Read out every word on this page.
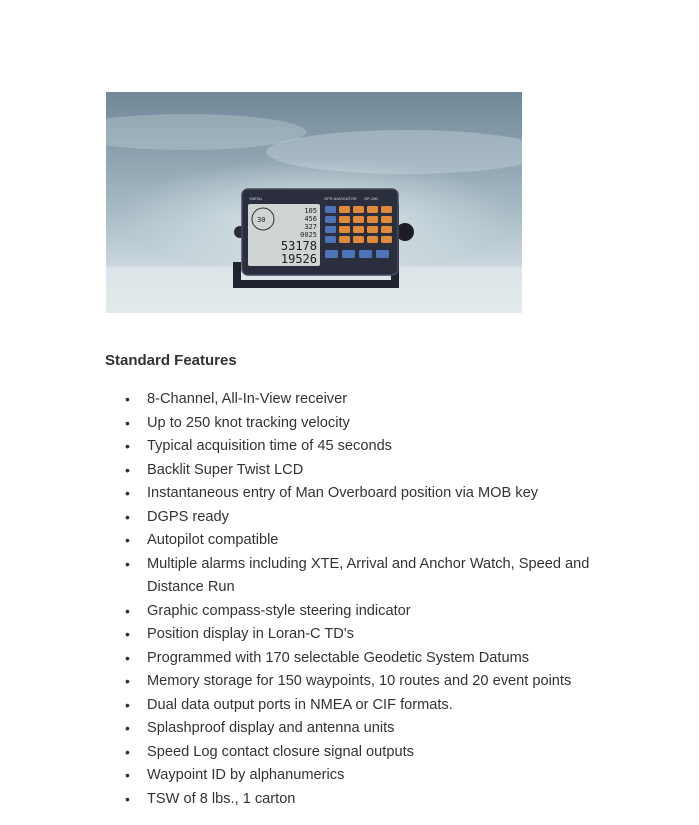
YAESU	GPS NAVIGATOR GP-150
30
105
456
327
0025
53178
19526
Standard Features
• 8-Channel, All-In-View receiver
• Up to 250 knot tracking velocity
• Typical acquisition time of 45 seconds
• Backlit Super Twist LCD
• Instantaneous entry of Man Overboard position via MOB key
• DGPS ready
• Autopilot compatible
• Multiple alarms including XTE, Arrival and Anchor Watch, Speed and Distance Run
• Graphic compass-style steering indicator
• Position display in Loran-C TD's
• Programmed with 170 selectable Geodetic System Datums
• Memory storage for 150 waypoints, 10 routes and 20 event points
• Dual data output ports in NMEA or CIF formats.
• Splashproof display and antenna units
• Speed Log contact closure signal outputs
• Waypoint ID by alphanumerics
• TSW of 8 lbs., 1 carton
